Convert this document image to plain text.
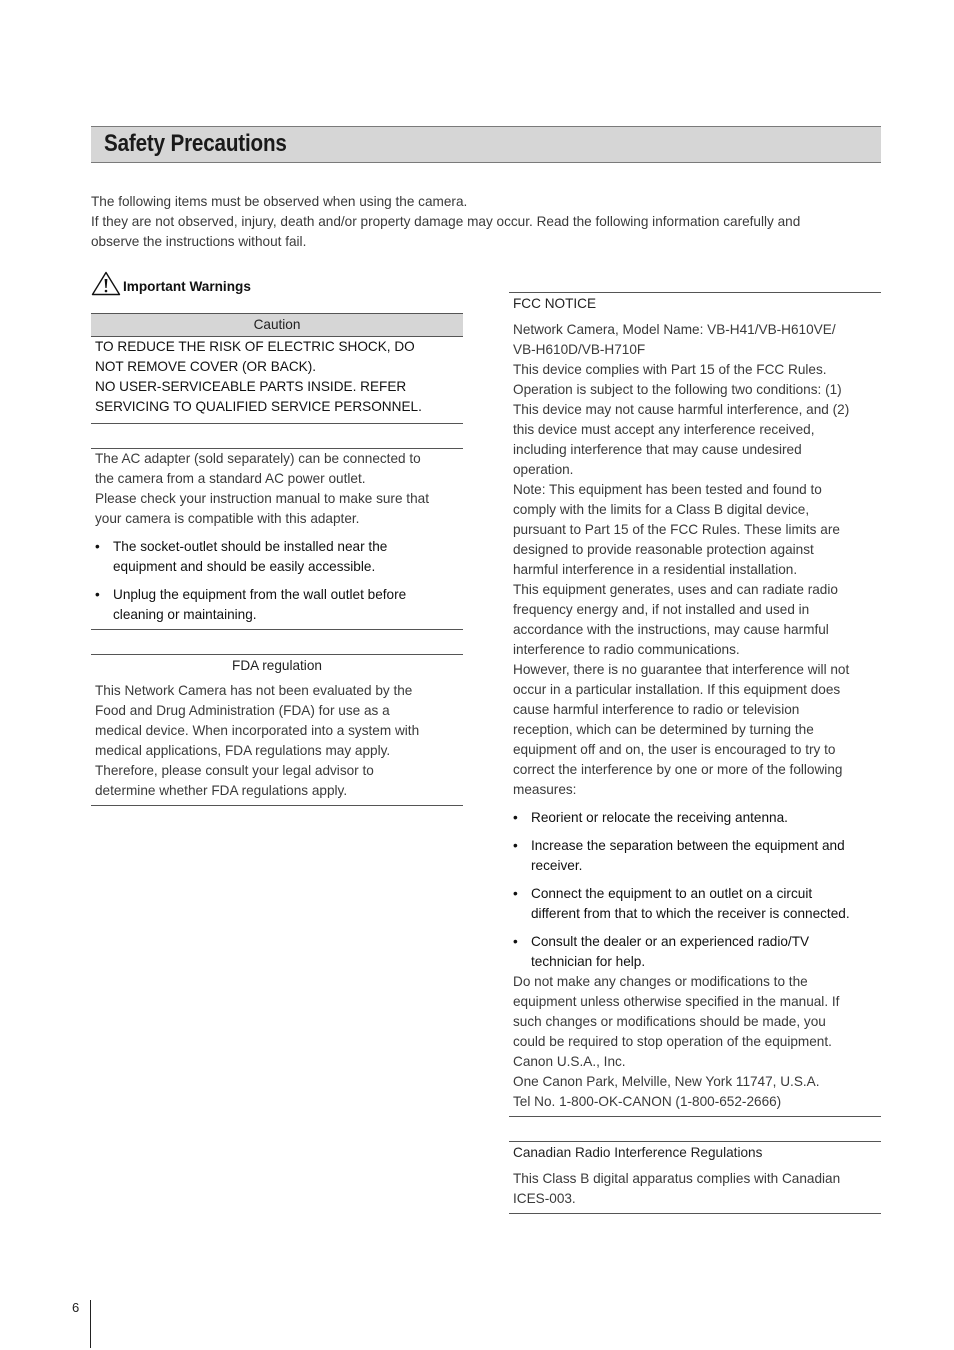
Safety Precautions
The following items must be observed when using the camera.
If they are not observed, injury, death and/or property damage may occur. Read the following information carefully and
observe the instructions without fail.
Important Warnings
Caution
TO REDUCE THE RISK OF ELECTRIC SHOCK, DO
NOT REMOVE COVER (OR BACK).
NO USER-SERVICEABLE PARTS INSIDE. REFER
SERVICING TO QUALIFIED SERVICE PERSONNEL.
The AC adapter (sold separately) can be connected to
the camera from a standard AC power outlet.
Please check your instruction manual to make sure that
your camera is compatible with this adapter.
• The socket-outlet should be installed near the
equipment and should be easily accessible.
• Unplug the equipment from the wall outlet before
cleaning or maintaining.
FDA regulation
This Network Camera has not been evaluated by the
Food and Drug Administration (FDA) for use as a
medical device. When incorporated into a system with
medical applications, FDA regulations may apply.
Therefore, please consult your legal advisor to
determine whether FDA regulations apply.
FCC NOTICE
Network Camera, Model Name: VB-H41/VB-H610VE/
VB-H610D/VB-H710F
This device complies with Part 15 of the FCC Rules.
Operation is subject to the following two conditions: (1)
This device may not cause harmful interference, and (2)
this device must accept any interference received,
including interference that may cause undesired
operation.
Note: This equipment has been tested and found to
comply with the limits for a Class B digital device,
pursuant to Part 15 of the FCC Rules. These limits are
designed to provide reasonable protection against
harmful interference in a residential installation.
This equipment generates, uses and can radiate radio
frequency energy and, if not installed and used in
accordance with the instructions, may cause harmful
interference to radio communications.
However, there is no guarantee that interference will not
occur in a particular installation. If this equipment does
cause harmful interference to radio or television
reception, which can be determined by turning the
equipment off and on, the user is encouraged to try to
correct the interference by one or more of the following
measures:
• Reorient or relocate the receiving antenna.
• Increase the separation between the equipment and
receiver.
• Connect the equipment to an outlet on a circuit
different from that to which the receiver is connected.
• Consult the dealer or an experienced radio/TV
technician for help.
Do not make any changes or modifications to the
equipment unless otherwise specified in the manual. If
such changes or modifications should be made, you
could be required to stop operation of the equipment.
Canon U.S.A., Inc.
One Canon Park, Melville, New York 11747, U.S.A.
Tel No. 1-800-OK-CANON (1-800-652-2666)
Canadian Radio Interference Regulations
This Class B digital apparatus complies with Canadian
ICES-003.
6
